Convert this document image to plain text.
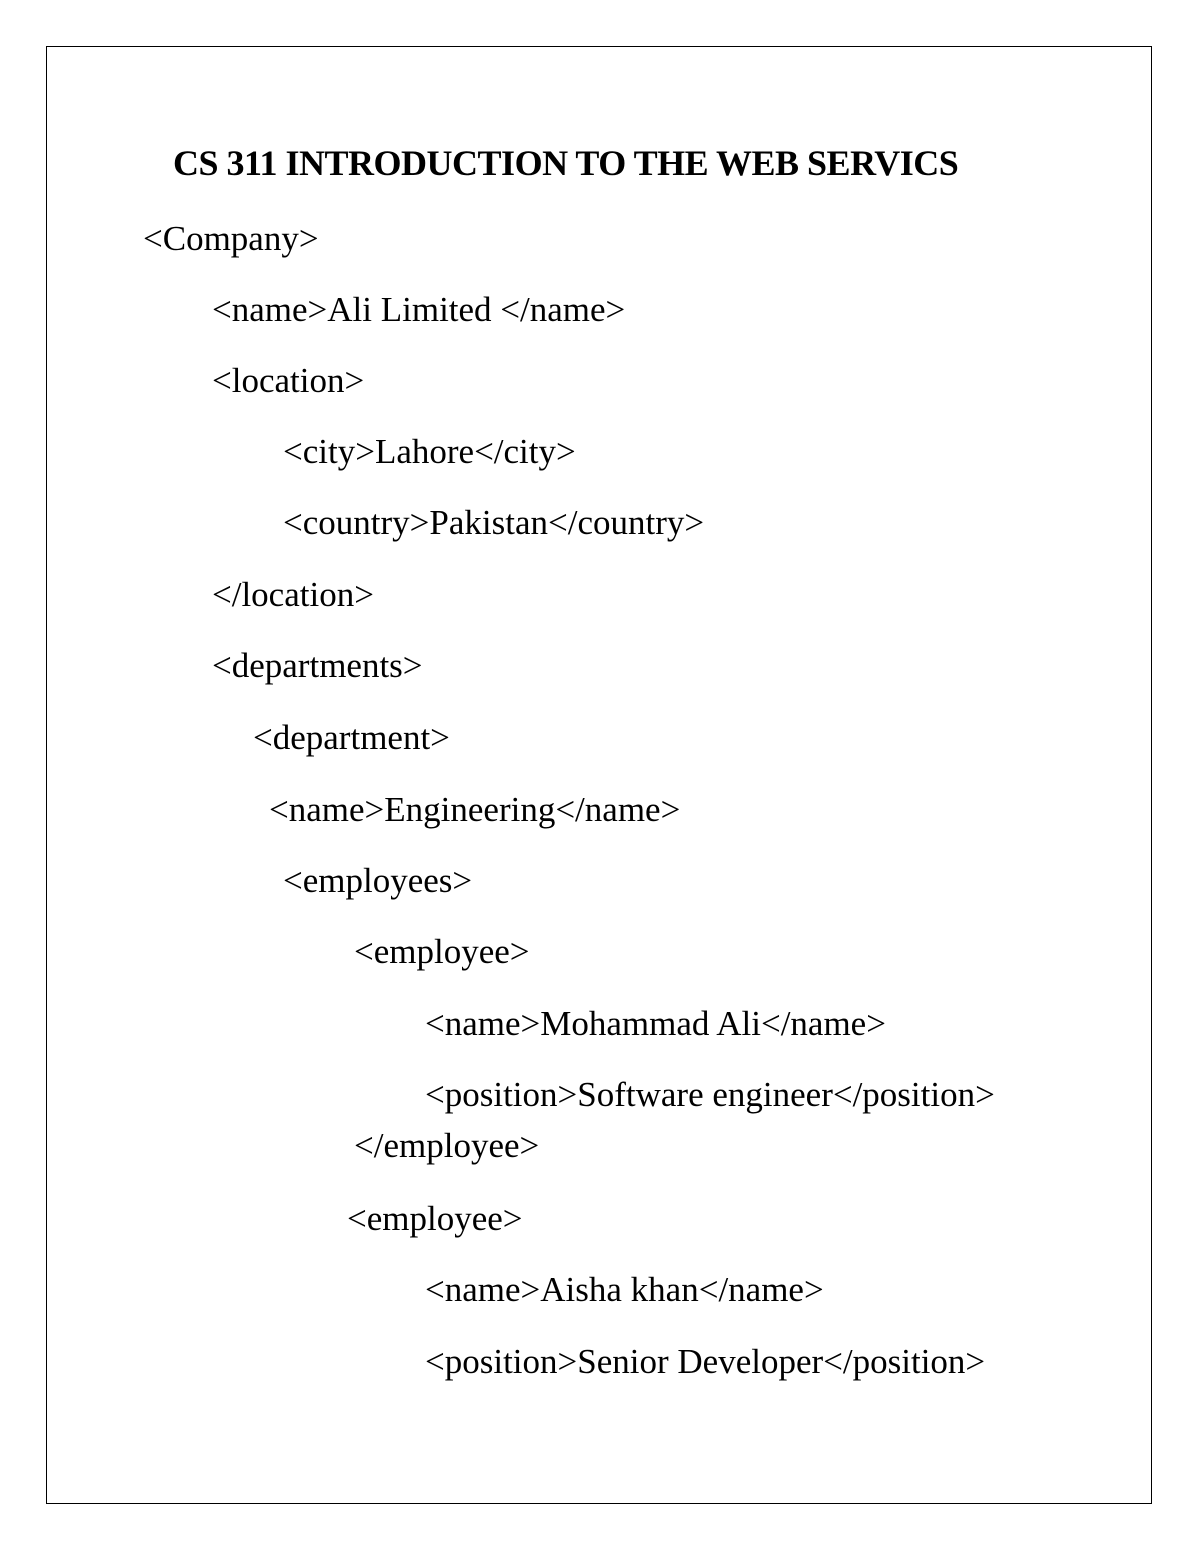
CS 311 INTRODUCTION TO THE WEB SERVICS
<Company>
<name>Ali Limited </name>
<location>
<city>Lahore</city>
<country>Pakistan</country>
</location>
<departments>
<department>
<name>Engineering</name>
<employees>
<employee>
<name>Mohammad Ali</name>
<position>Software engineer</position>
</employee>
<employee>
<name>Aisha khan</name>
<position>Senior Developer</position>
